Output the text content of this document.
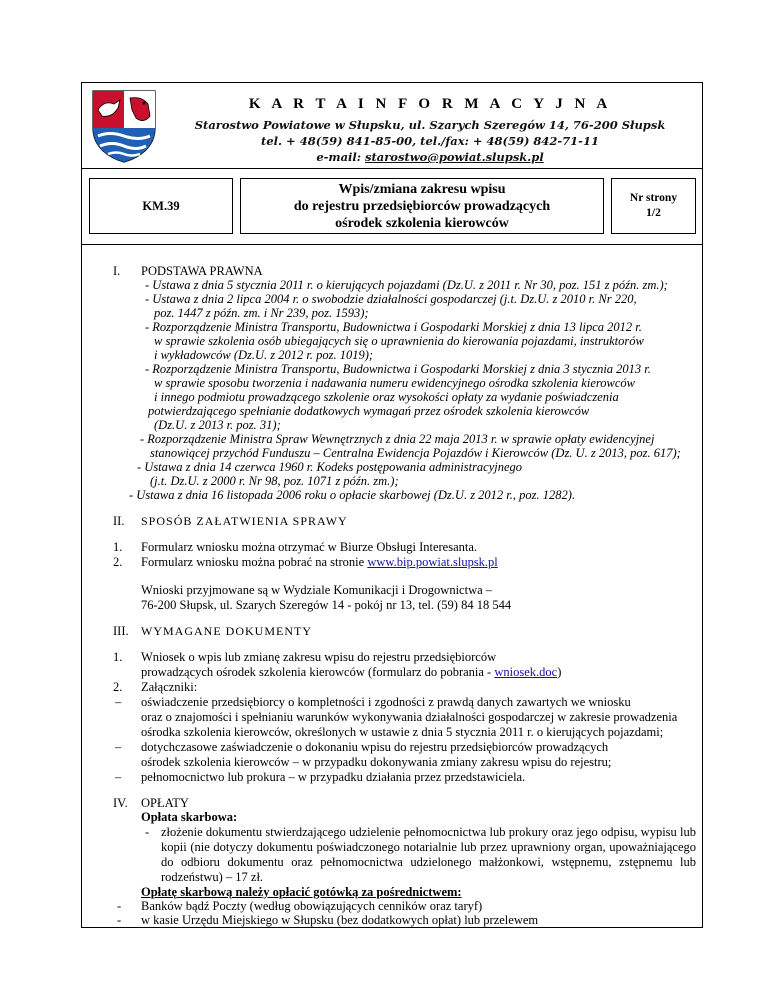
K A R T A I N F O R M A C Y J N A
Starostwo Powiatowe w Słupsku, ul. Szarych Szeregów 14, 76-200 Słupsk
tel. + 48(59) 841-85-00, tel./fax: + 48(59) 842-71-11
e-mail: starostwo@powiat.slupsk.pl
KM.39
Wpis/zmiana zakresu wpisu
do rejestru przedsiębiorców prowadzących
ośrodek szkolenia kierowców
Nr strony
1/2
I. PODSTAWA PRAWNA
- Ustawa z dnia 5 stycznia 2011 r. o kierujących pojazdami (Dz.U. z 2011 r. Nr 30, poz. 151 z późn. zm.);
- Ustawa z dnia 2 lipca 2004 r. o swobodzie działalności gospodarczej (j.t. Dz.U. z 2010 r. Nr 220,
poz. 1447 z późn. zm. i Nr 239, poz. 1593);
- Rozporządzenie Ministra Transportu, Budownictwa i Gospodarki Morskiej z dnia 13 lipca 2012 r.
w sprawie szkolenia osób ubiegających się o uprawnienia do kierowania pojazdami, instruktorów
i wykładowców (Dz.U. z 2012 r. poz. 1019);
- Rozporządzenie Ministra Transportu, Budownictwa i Gospodarki Morskiej z dnia 3 stycznia 2013 r.
w sprawie sposobu tworzenia i nadawania numeru ewidencyjnego ośrodka szkolenia kierowców
i innego podmiotu prowadzącego szkolenie oraz wysokości opłaty za wydanie poświadczenia
potwierdzającego spełnianie dodatkowych wymagań przez ośrodek szkolenia kierowców
(Dz.U. z 2013 r. poz. 31);
- Rozporządzenie Ministra Spraw Wewnętrznych z dnia 22 maja 2013 r. w sprawie opłaty ewidencyjnej
stanowiącej przychód Funduszu – Centralna Ewidencja Pojazdów i Kierowców (Dz. U. z 2013, poz. 617);
- Ustawa z dnia 14 czerwca 1960 r. Kodeks postępowania administracyjnego
(j.t. Dz.U. z 2000 r. Nr 98, poz. 1071 z późn. zm.);
- Ustawa z dnia 16 listopada 2006 roku o opłacie skarbowej (Dz.U. z 2012 r., poz. 1282).
II. SPOSÓB ZAŁATWIENIA SPRAWY
1. Formularz wniosku można otrzymać w Biurze Obsługi Interesanta.
2. Formularz wniosku można pobrać na stronie www.bip.powiat.slupsk.pl
Wnioski przyjmowane są w Wydziale Komunikacji i Drogownictwa –
76-200 Słupsk, ul. Szarych Szeregów 14 - pokój nr 13, tel. (59) 84 18 544
III. WYMAGANE DOKUMENTY
1. Wniosek o wpis lub zmianę zakresu wpisu do rejestru przedsiębiorców
prowadzących ośrodek szkolenia kierowców (formularz do pobrania - wniosek.doc)
2. Załączniki:
– oświadczenie przedsiębiorcy o kompletności i zgodności z prawdą danych zawartych we wniosku
oraz o znajomości i spełnianiu warunków wykonywania działalności gospodarczej w zakresie prowadzenia
ośrodka szkolenia kierowców, określonych w ustawie z dnia 5 stycznia 2011 r. o kierujących pojazdami;
– dotychczasowe zaświadczenie o dokonaniu wpisu do rejestru przedsiębiorców prowadzących
ośrodek szkolenia kierowców – w przypadku dokonywania zmiany zakresu wpisu do rejestru;
– pełnomocnictwo lub prokura – w przypadku działania przez przedstawiciela.
IV. OPŁATY
Opłata skarbowa:
- złożenie dokumentu stwierdzającego udzielenie pełnomocnictwa lub prokury oraz jego odpisu, wypisu lub kopii (nie dotyczy dokumentu poświadczonego notarialnie lub przez uprawniony organ, upoważniającego do odbioru dokumentu oraz pełnomocnictwa udzielonego małżonkowi, wstępnemu, zstępnemu lub rodzeństwu) – 17 zł.
Opłatę skarbową należy opłacić gotówką za pośrednictwem:
- Banków bądź Poczty (według obowiązujących cenników oraz taryf)
- w kasie Urzędu Miejskiego w Słupsku (bez dodatkowych opłat) lub przelewem
